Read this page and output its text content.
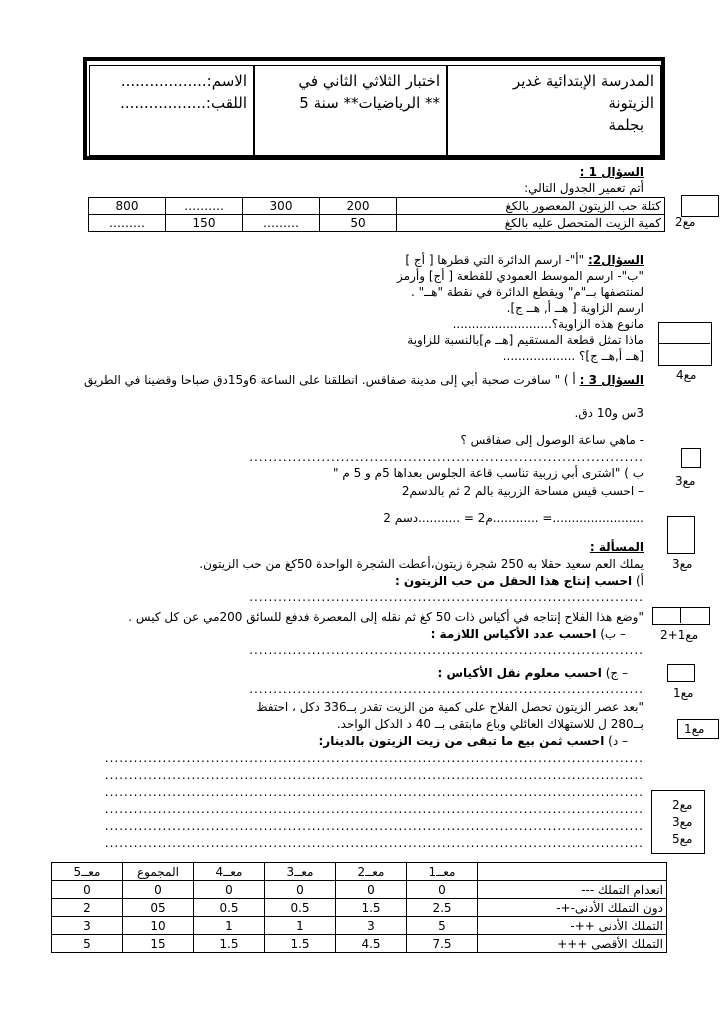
الاسم:..................
اللقب:..................
اختبار الثلاثي الثاني في
** الرياضيات** سنة 5
المدرسة الإبتدائية غدير
الزيتونة
بجلمة
السؤال 1 :
أتم تعمير الجدول التالي:
800	……….	300	200	كتلة حب الزيتون المعصور بالكغ
………	150	………	50	كمية الزيت المتحصل عليه بالكغ مع2
السؤال2: "أ"- ارسم الدائرة التي قطرها [ أج ]
"ب"- ارسم الموسط العمودي للقطعة [ أج] وأرمز
لمنتصفها بــ"م" ويقطع الدائرة في نقطة "هــ" .
ارسم الزاوية [ هــ أ, هــ ج].
مانوع هذه الزاوية؟..........................
ماذا تمثل قطعة المستقيم [هــ م]بالنسبة للزاوية
[هــ أ,هــ ج]؟ ...................
مع4
السؤال 3 : أ ) " سافرت صحبة أبي إلى مدينة صفاقس. انطلقنا على الساعة 6و15دق صباحا وقضينا في الطريق
3س و10 دق.
- ماهي ساعة الوصول إلى صفاقس ؟
..................................................................................
ب ) "اشترى أبي زربية تناسب قاعة الجلوس بعداها 5م و 5 م "
– احسب قيس مساحة الزربية بالم 2 ثم بالدسم2
........................= ............م2 = ...........دسم 2
مع3
المسألة :
يملك العم سعيد حقلا به 250 شجرة زيتون،أعطت الشجرة الواحدة 50كغ من حب الزيتون.
أ) احسب إنتاج هذا الحقل من حب الزيتون :
..................................................................................
مع3
"وضع هذا الفلاح إنتاجه في أكياس ذات 50 كغ ثم نقله إلى المعصرة فدفع للسائق 200مي عن كل كيس .
– ب) احسب عدد الأكياس اللازمة :
..................................................................................
مع1+2
– ج) احسب معلوم نقل الأكياس :
.................................................................................. مع1
"بعد عصر الزيتون تحصل الفلاح على كمية من الزيت تقدر بــ336 دكل ، احتفظ
بــ280 ل للاستهلاك العائلي وباع مابتقى بــ 40 د الدكل الواحد.
– د) احسب ثمن بيع ما تبقى من زيت الزيتون بالدينار:
مع1
................................................................................................................
................................................................................................................
................................................................................................................
................................................................................................................
................................................................................................................
................................................................................................................
مع2
مع3
مع5
معــ5	المجموع	معــ4	معــ3	معــ2	معــ1	
0	0	0	0	0	0	انعدام التملك ---
2	05	0.5	0.5	1.5	2.5	دون التملك الأدنى-+-
3	10	1	1	3	5	التملك الأدنى ++-
5	15	1.5	1.5	4.5	7.5	التملك الأقصى +++
